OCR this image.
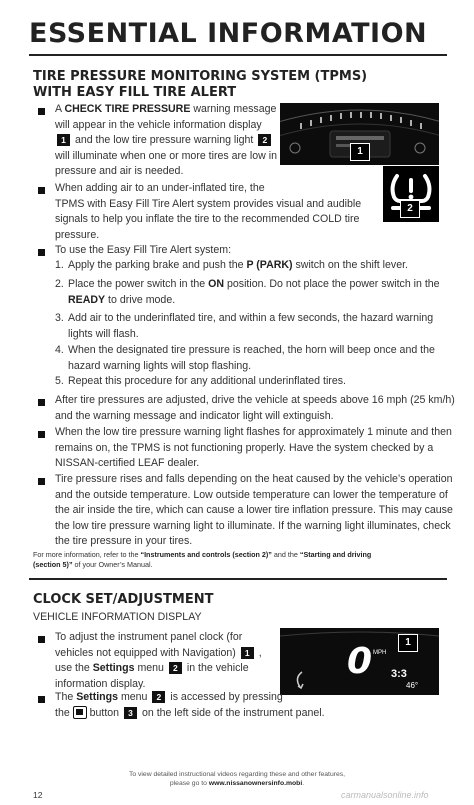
ESSENTIAL INFORMATION
TIRE PRESSURE MONITORING SYSTEM (TPMS)
WITH EASY FILL TIRE ALERT
1
2
A CHECK TIRE PRESSURE warning message
will appear in the vehicle information display
1 and the low tire pressure warning light 2
will illuminate when one or more tires are low in
pressure and air is needed.
When adding air to an under-inflated tire, the
TPMS with Easy Fill Tire Alert system provides visual and audible
signals to help you inflate the tire to the recommended COLD tire
pressure.
To use the Easy Fill Tire Alert system:
1. Apply the parking brake and push the P (PARK) switch on the shift lever.
2. Place the power switch in the ON position. Do not place the power switch in the
READY to drive mode.
3. Add air to the underinflated tire, and within a few seconds, the hazard warning
lights will flash.
4. When the designated tire pressure is reached, the horn will beep once and the
hazard warning lights will stop flashing.
5. Repeat this procedure for any additional underinflated tires.
After tire pressures are adjusted, drive the vehicle at speeds above 16 mph (25 km/h)
and the warning message and indicator light will extinguish.
When the low tire pressure warning light flashes for approximately 1 minute and then
remains on, the TPMS is not functioning properly. Have the system checked by a
NISSAN-certified LEAF dealer.
Tire pressure rises and falls depending on the heat caused by the vehicle’s operation
and the outside temperature. Low outside temperature can lower the temperature of
the air inside the tire, which can cause a lower tire inflation pressure. This may cause
the low tire pressure warning light to illuminate. If the warning light illuminates, check
the tire pressure in your tires.
For more information, refer to the “Instruments and controls (section 2)” and the “Starting and driving
(section 5)” of your Owner’s Manual.
CLOCK SET/ADJUSTMENT
VEHICLE INFORMATION DISPLAY
0 MPH
3:3
46°
1
To adjust the instrument panel clock (for
vehicles not equipped with Navigation) 1 ,
use the Settings menu 2 in the vehicle
information display.
The Settings menu 2 is accessed by pressing
the
button 3 on the left side of the instrument panel.
12
To view detailed instructional videos regarding these and other features,
please go to www.nissanownersinfo.mobi.
carmanualsonline.info
